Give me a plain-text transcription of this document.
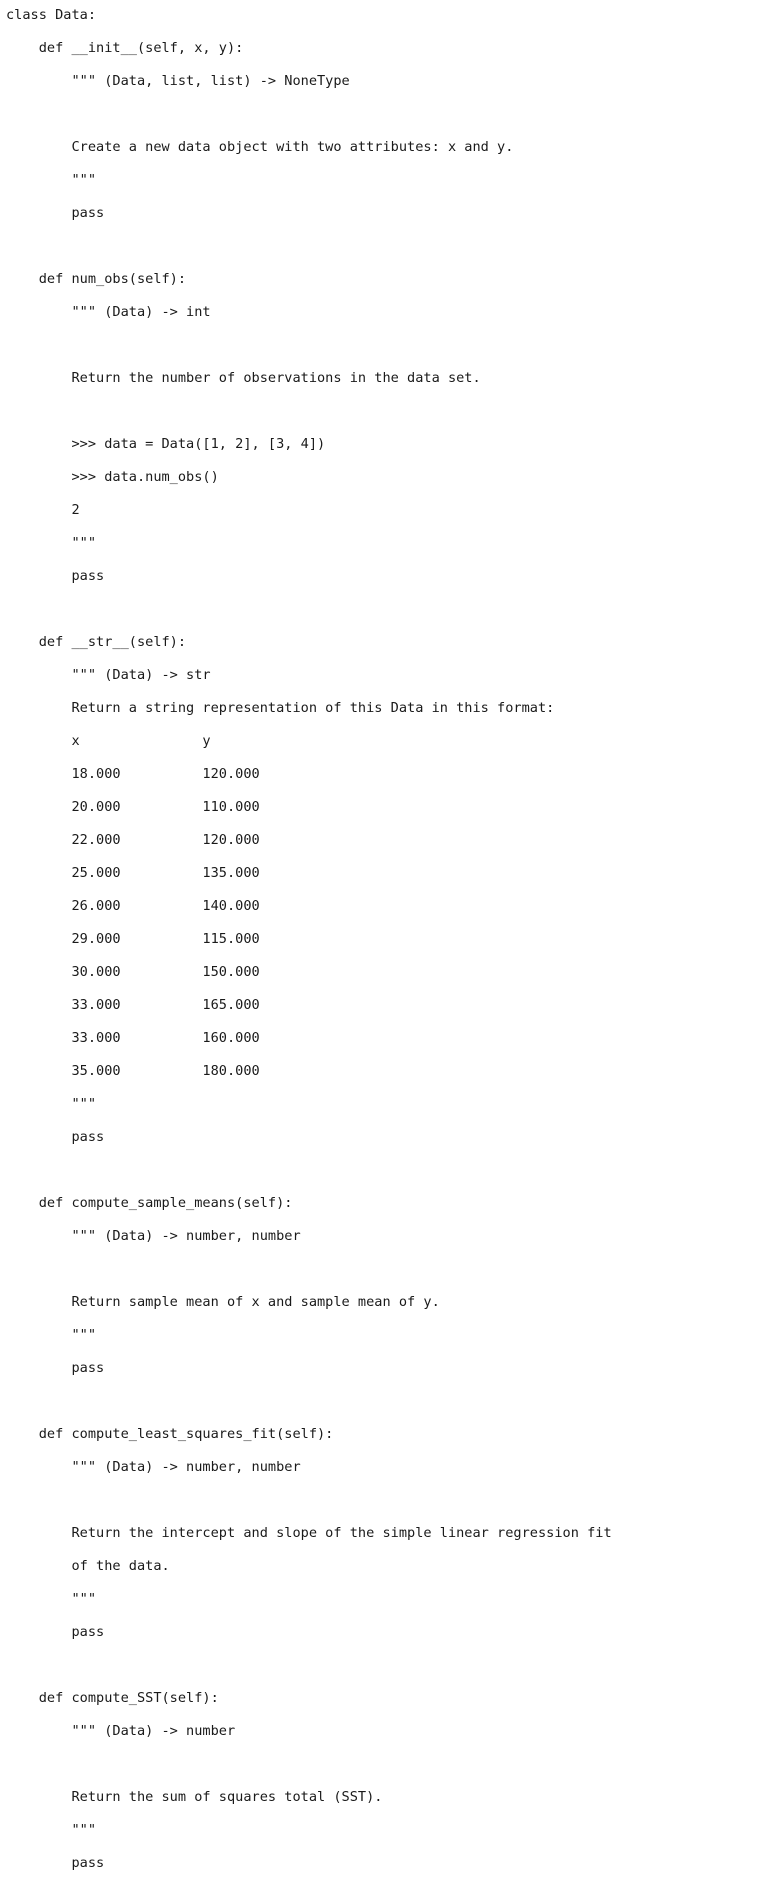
class Data:

def __init__(self, x, y):

""" (Data, list, list) -> NoneType

Create a new data object with two attributes: x and y.

"""

pass

def num_obs(self):

""" (Data) -> int

Return the number of observations in the data set.

>>> data = Data([1, 2], [3, 4])

>>> data.num_obs()

2

"""

pass

def __str__(self):

""" (Data) -> str

Return a string representation of this Data in this format:

x               y

18.000          120.000

20.000          110.000

22.000          120.000

25.000          135.000

26.000          140.000

29.000          115.000

30.000          150.000

33.000          165.000

33.000          160.000

35.000          180.000

"""

pass

def compute_sample_means(self):

""" (Data) -> number, number

Return sample mean of x and sample mean of y.

"""

pass

def compute_least_squares_fit(self):

""" (Data) -> number, number

Return the intercept and slope of the simple linear regression fit

of the data.

"""

pass

def compute_SST(self):

""" (Data) -> number

Return the sum of squares total (SST).

"""

pass
